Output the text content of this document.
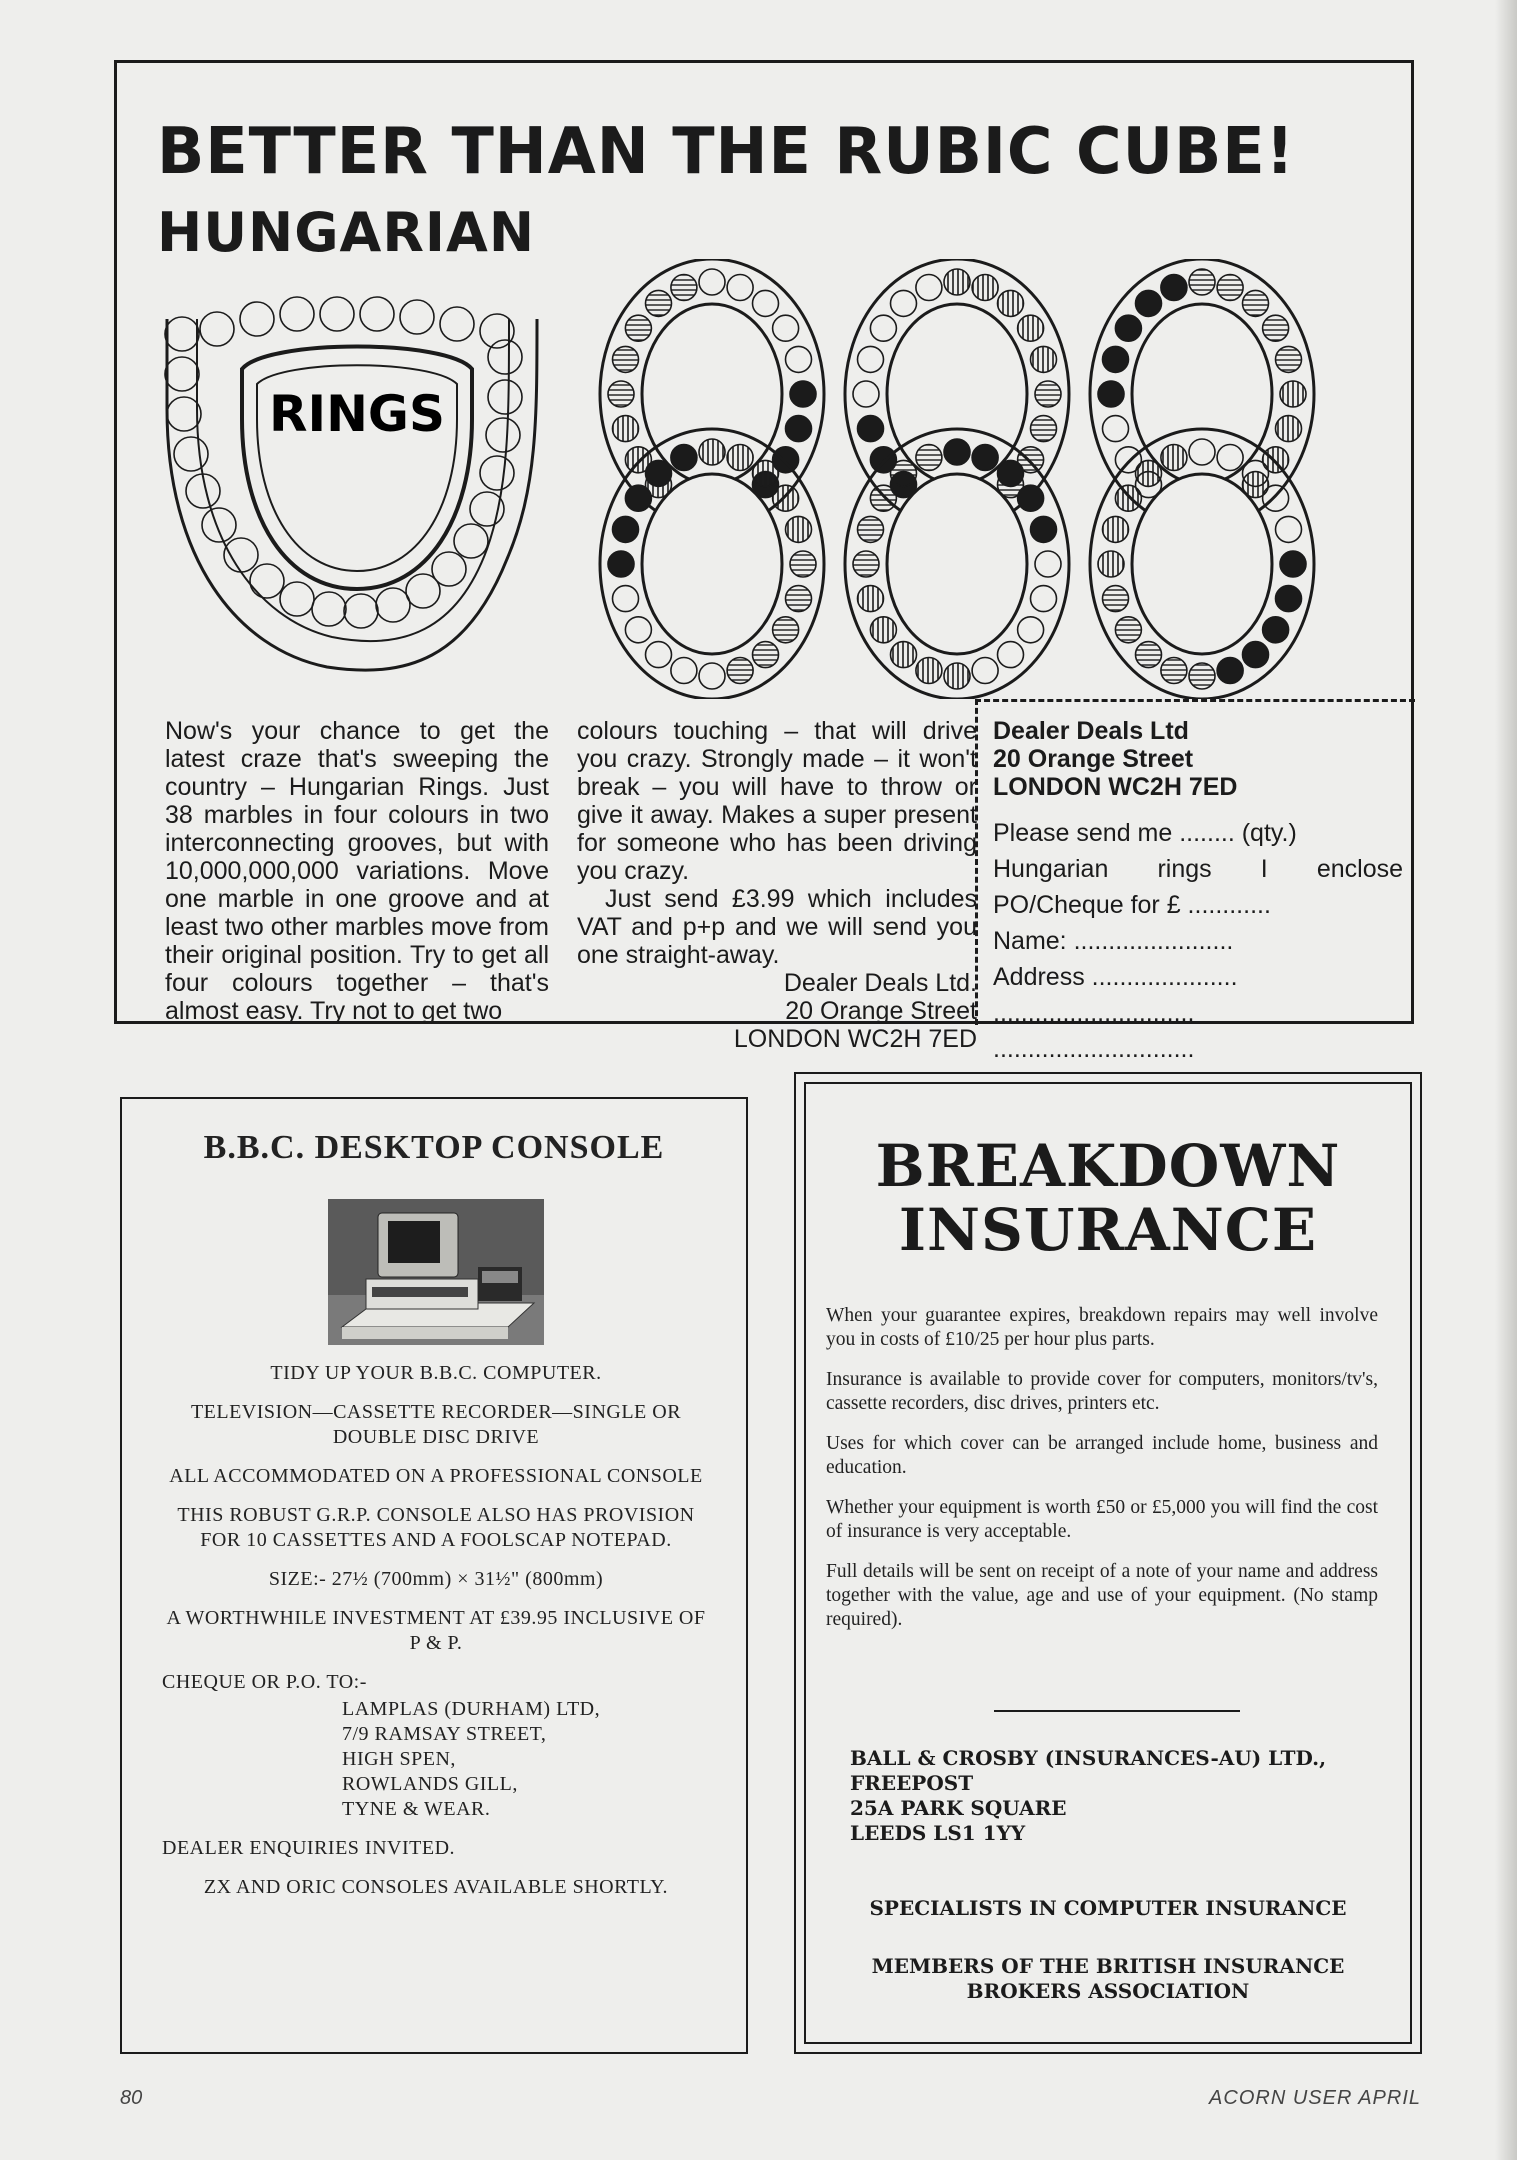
BETTER THAN THE RUBIC CUBE!
HUNGARIAN
RINGS

Now's your chance to get the latest craze that's sweeping the country – Hungarian Rings. Just 38 marbles in four colours in two interconnecting grooves, but with 10,000,000,000 variations. Move one marble in one groove and at least two other marbles move from their original position. Try to get all four colours together – that's almost easy. Try not to get two

colours touching – that will drive you crazy. Strongly made – it won't break – you will have to throw or give it away. Makes a super present for someone who has been driving you crazy.

Just send £3.99 which includes VAT and p+p and we will send you one straight-away.

Dealer Deals Ltd.
20 Orange Street
LONDON WC2H 7ED
Dealer Deals Ltd
20 Orange Street
LONDON WC2H 7ED
Please send me ........ (qty.)
Hungarian rings I enclose
PO/Cheque for £ ............
Name: .......................
Address .....................
.............................
.............................
B.B.C. DESKTOP CONSOLE

TIDY UP YOUR B.B.C. COMPUTER.

TELEVISION—CASSETTE RECORDER—SINGLE OR DOUBLE DISC DRIVE

ALL ACCOMMODATED ON A PROFESSIONAL CONSOLE

THIS ROBUST G.R.P. CONSOLE ALSO HAS PROVISION FOR 10 CASSETTES AND A FOOLSCAP NOTEPAD.

SIZE:- 27½ (700mm) × 31½" (800mm)

A WORTHWHILE INVESTMENT AT £39.95 INCLUSIVE OF P & P.

CHEQUE OR P.O. TO:-

LAMPLAS (DURHAM) LTD,
7/9 RAMSAY STREET,
HIGH SPEN,
ROWLANDS GILL,
TYNE & WEAR.

DEALER ENQUIRIES INVITED.

ZX AND ORIC CONSOLES AVAILABLE SHORTLY.

BREAKDOWN
INSURANCE

When your guarantee expires, breakdown repairs may well involve you in costs of £10/25 per hour plus parts.

Insurance is available to provide cover for computers, monitors/tv's, cassette recorders, disc drives, printers etc.

Uses for which cover can be arranged include home, business and education.

Whether your equipment is worth £50 or £5,000 you will find the cost of insurance is very acceptable.

Full details will be sent on receipt of a note of your name and address together with the value, age and use of your equipment. (No stamp required).

BALL & CROSBY (INSURANCES-AU) LTD.,
FREEPOST
25A PARK SQUARE
LEEDS LS1 1YY
SPECIALISTS IN COMPUTER INSURANCE
MEMBERS OF THE BRITISH INSURANCE
BROKERS ASSOCIATION
80	ACORN USER APRIL
